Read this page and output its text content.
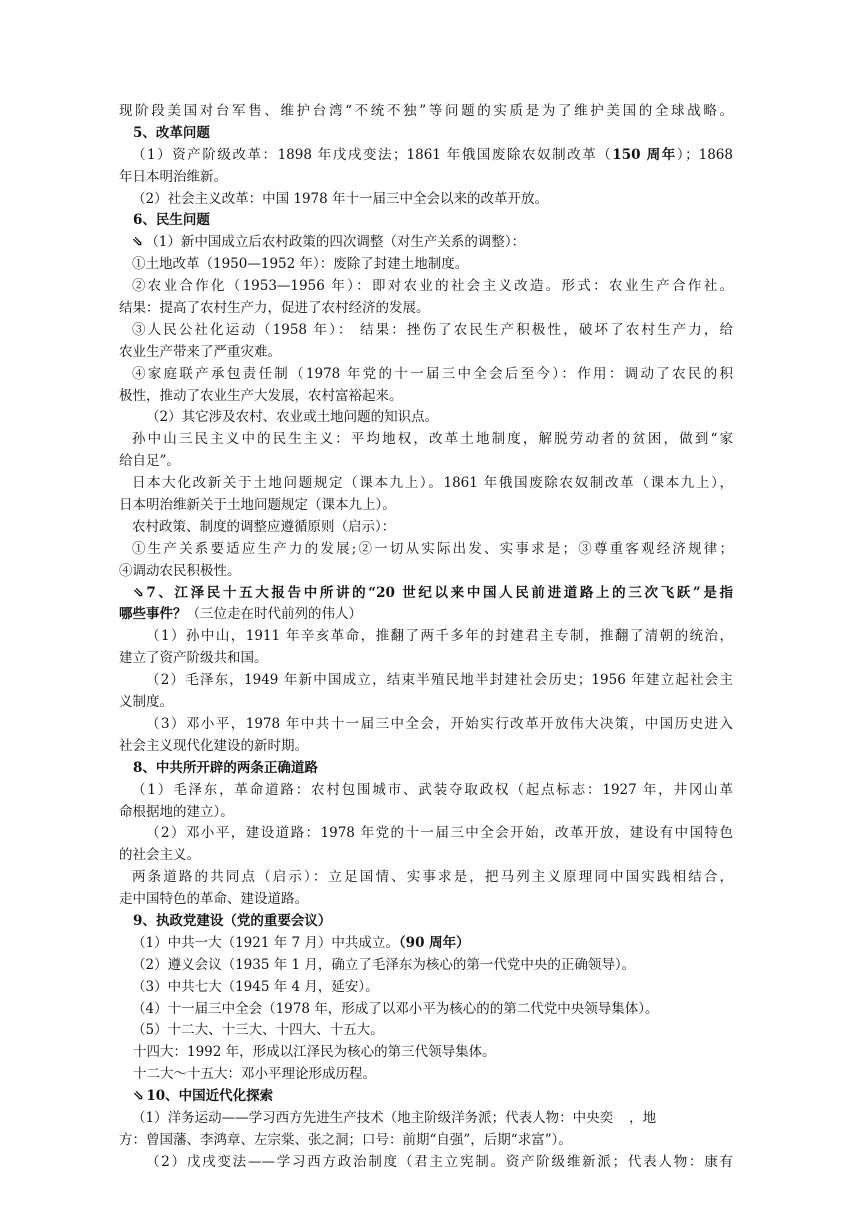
现阶段美国对台军售、维护台湾“不统不独”等问题的实质是为了维护美国的全球战略。
5、改革问题
（1）资产阶级改革：1898 年戊戌变法；1861 年俄国废除农奴制改革（150 周年）；1868
年日本明治维新。
（2）社会主义改革：中国 1978 年十一届三中全会以来的改革开放。
6、民生问题
⇘ （1）新中国成立后农村政策的四次调整（对生产关系的调整）：
①土地改革（1950—1952 年）：废除了封建土地制度。
②农业合作化（1953—1956 年）：即对农业的社会主义改造。形式：农业生产合作社。
结果：提高了农村生产力，促进了农村经济的发展。
③人民公社化运动（1958 年）： 结果：挫伤了农民生产积极性，破坏了农村生产力，给
农业生产带来了严重灾难。
④家庭联产承包责任制（1978 年党的十一届三中全会后至今）：作用：调动了农民的积
极性，推动了农业生产大发展，农村富裕起来。
（2）其它涉及农村、农业或土地问题的知识点。
孙中山三民主义中的民生主义：平均地权，改革土地制度，解脱劳动者的贫困，做到“家
给自足”。
日本大化改新关于土地问题规定（课本九上）。1861 年俄国废除农奴制改革（课本九上），
日本明治维新关于土地问题规定（课本九上）。
农村政策、制度的调整应遵循原则（启示）：
①生产关系要适应生产力的发展;②一切从实际出发、实事求是；③尊重客观经济规律；
④调动农民积极性。
⇘ 7、江泽民十五大报告中所讲的“20 世纪以来中国人民前进道路上的三次飞跃”是指
哪些事件？（三位走在时代前列的伟人）
（1）孙中山，1911 年辛亥革命，推翻了两千多年的封建君主专制，推翻了清朝的统治，
建立了资产阶级共和国。
（2）毛泽东，1949 年新中国成立，结束半殖民地半封建社会历史；1956 年建立起社会主
义制度。
（3）邓小平，1978 年中共十一届三中全会，开始实行改革开放伟大决策，中国历史进入
社会主义现代化建设的新时期。
8、中共所开辟的两条正确道路
（1）毛泽东，革命道路：农村包围城市、武装夺取政权（起点标志：1927 年，井冈山革
命根据地的建立）。
（2）邓小平，建设道路：1978 年党的十一届三中全会开始，改革开放，建设有中国特色
的社会主义。
两条道路的共同点（启示）：立足国情、实事求是，把马列主义原理同中国实践相结合，
走中国特色的革命、建设道路。
9、执政党建设（党的重要会议）
（1）中共一大（1921 年 7 月）中共成立。（90 周年）
（2）遵义会议（1935 年 1 月，确立了毛泽东为核心的第一代党中央的正确领导）。
（3）中共七大（1945 年 4 月，延安）。
（4）十一届三中全会（1978 年，形成了以邓小平为核心的的第二代党中央领导集体）。
（5）十二大、十三大、十四大、十五大。
十四大：1992 年，形成以江泽民为核心的第三代领导集体。
十二大～十五大：邓小平理论形成历程。
⇘ 10、中国近代化探索
（1）洋务运动——学习西方先进生产技术（地主阶级洋务派；代表人物：中央奕 ，地
方：曾国藩、李鸿章、左宗棠、张之洞；口号：前期“自强”，后期“求富”）。
（2）戊戌变法——学习西方政治制度（君主立宪制。资产阶级维新派；代表人物：康有
